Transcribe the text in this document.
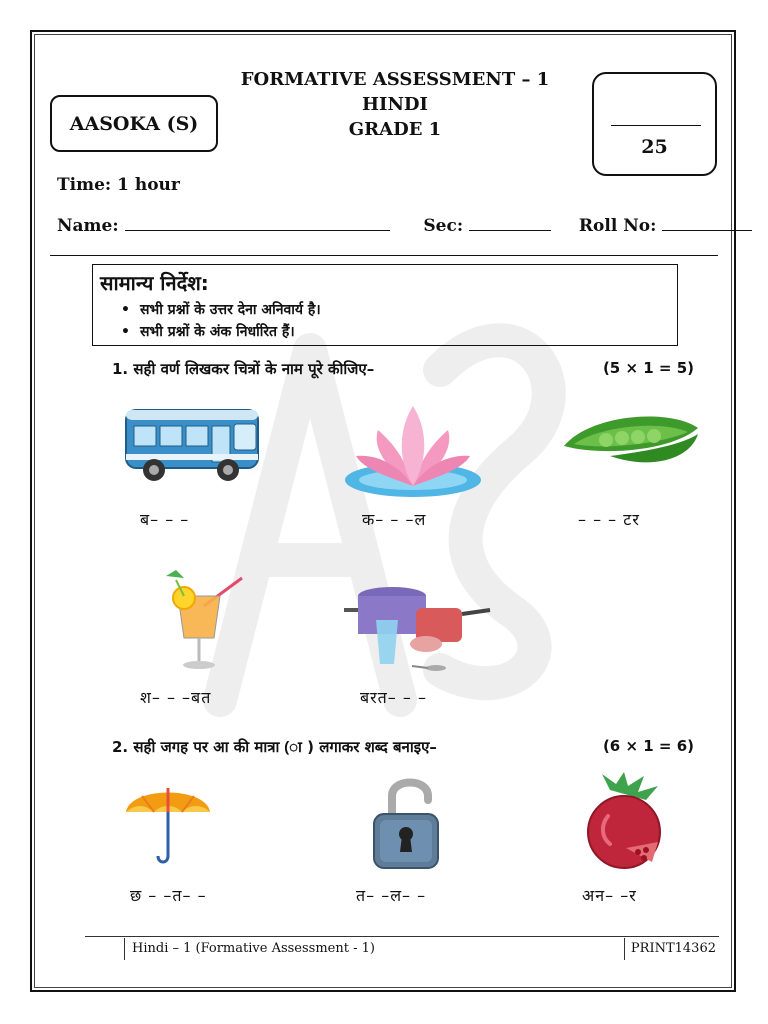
AASOKA (S)
FORMATIVE ASSESSMENT – 1
HINDI
GRADE 1
25
Time: 1 hour
Name:	Sec:	Roll No:
सामान्य निर्देश:
• सभी प्रश्नों के उत्तर देना अनिवार्य है।
• सभी प्रश्नों के अंक निर्धारित हैं।
1. सही वर्ण लिखकर चित्रों के नाम पूरे कीजिए–	(5 × 1 = 5)
ब– – –	क– – –ल	– – – टर
श– – –बत	बरत– – –
2. सही जगह पर आ की मात्रा (ा ) लगाकर शब्द बनाइए–	(6 × 1 = 6)
छ – –त– –	त– –ल– –	अन– –र
Hindi – 1 (Formative Assessment - 1)	PRINT14362
